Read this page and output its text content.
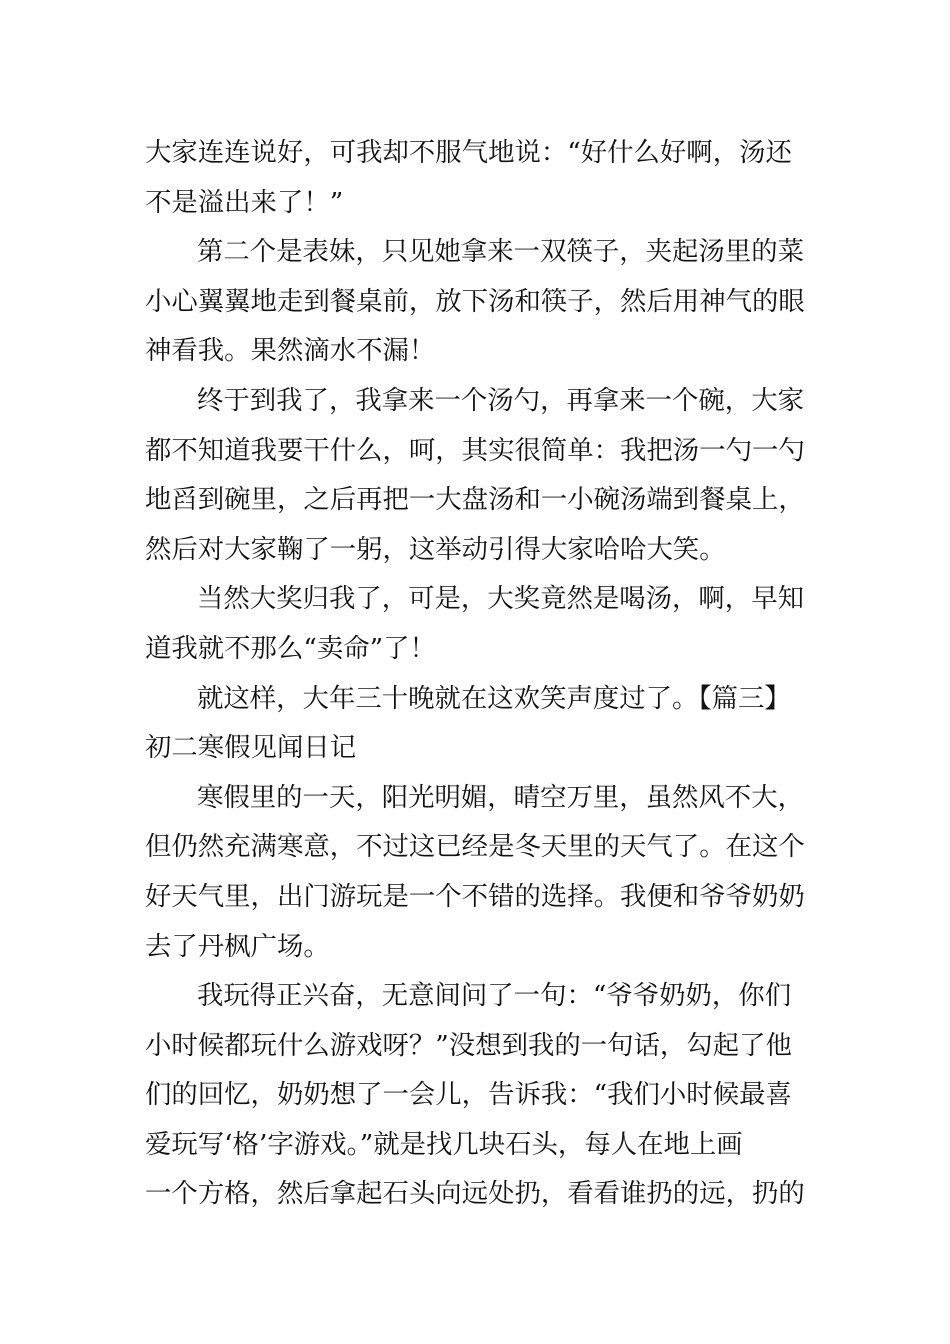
大家连连说好，可我却不服气地说：“好什么好啊，汤还
不是溢出来了！”
第二个是表妹，只见她拿来一双筷子，夹起汤里的菜
小心翼翼地走到餐桌前，放下汤和筷子，然后用神气的眼
神看我。果然滴水不漏！
终于到我了，我拿来一个汤勺，再拿来一个碗，大家
都不知道我要干什么，呵，其实很简单：我把汤一勺一勺
地舀到碗里，之后再把一大盘汤和一小碗汤端到餐桌上，
然后对大家鞠了一躬，这举动引得大家哈哈大笑。
当然大奖归我了，可是，大奖竟然是喝汤，啊，早知
道我就不那么“卖命”了！
就这样，大年三十晚就在这欢笑声度过了。【篇三】
初二寒假见闻日记
寒假里的一天，阳光明媚，晴空万里，虽然风不大，
但仍然充满寒意，不过这已经是冬天里的天气了。在这个
好天气里，出门游玩是一个不错的选择。我便和爷爷奶奶
去了丹枫广场。
我玩得正兴奋，无意间问了一句：“爷爷奶奶，你们
小时候都玩什么游戏呀？”没想到我的一句话，勾起了他
们的回忆，奶奶想了一会儿，告诉我：“我们小时候最喜
爱玩写‘格’字游戏。”就是找几块石头，每人在地上画
一个方格，然后拿起石头向远处扔，看看谁扔的远，扔的
